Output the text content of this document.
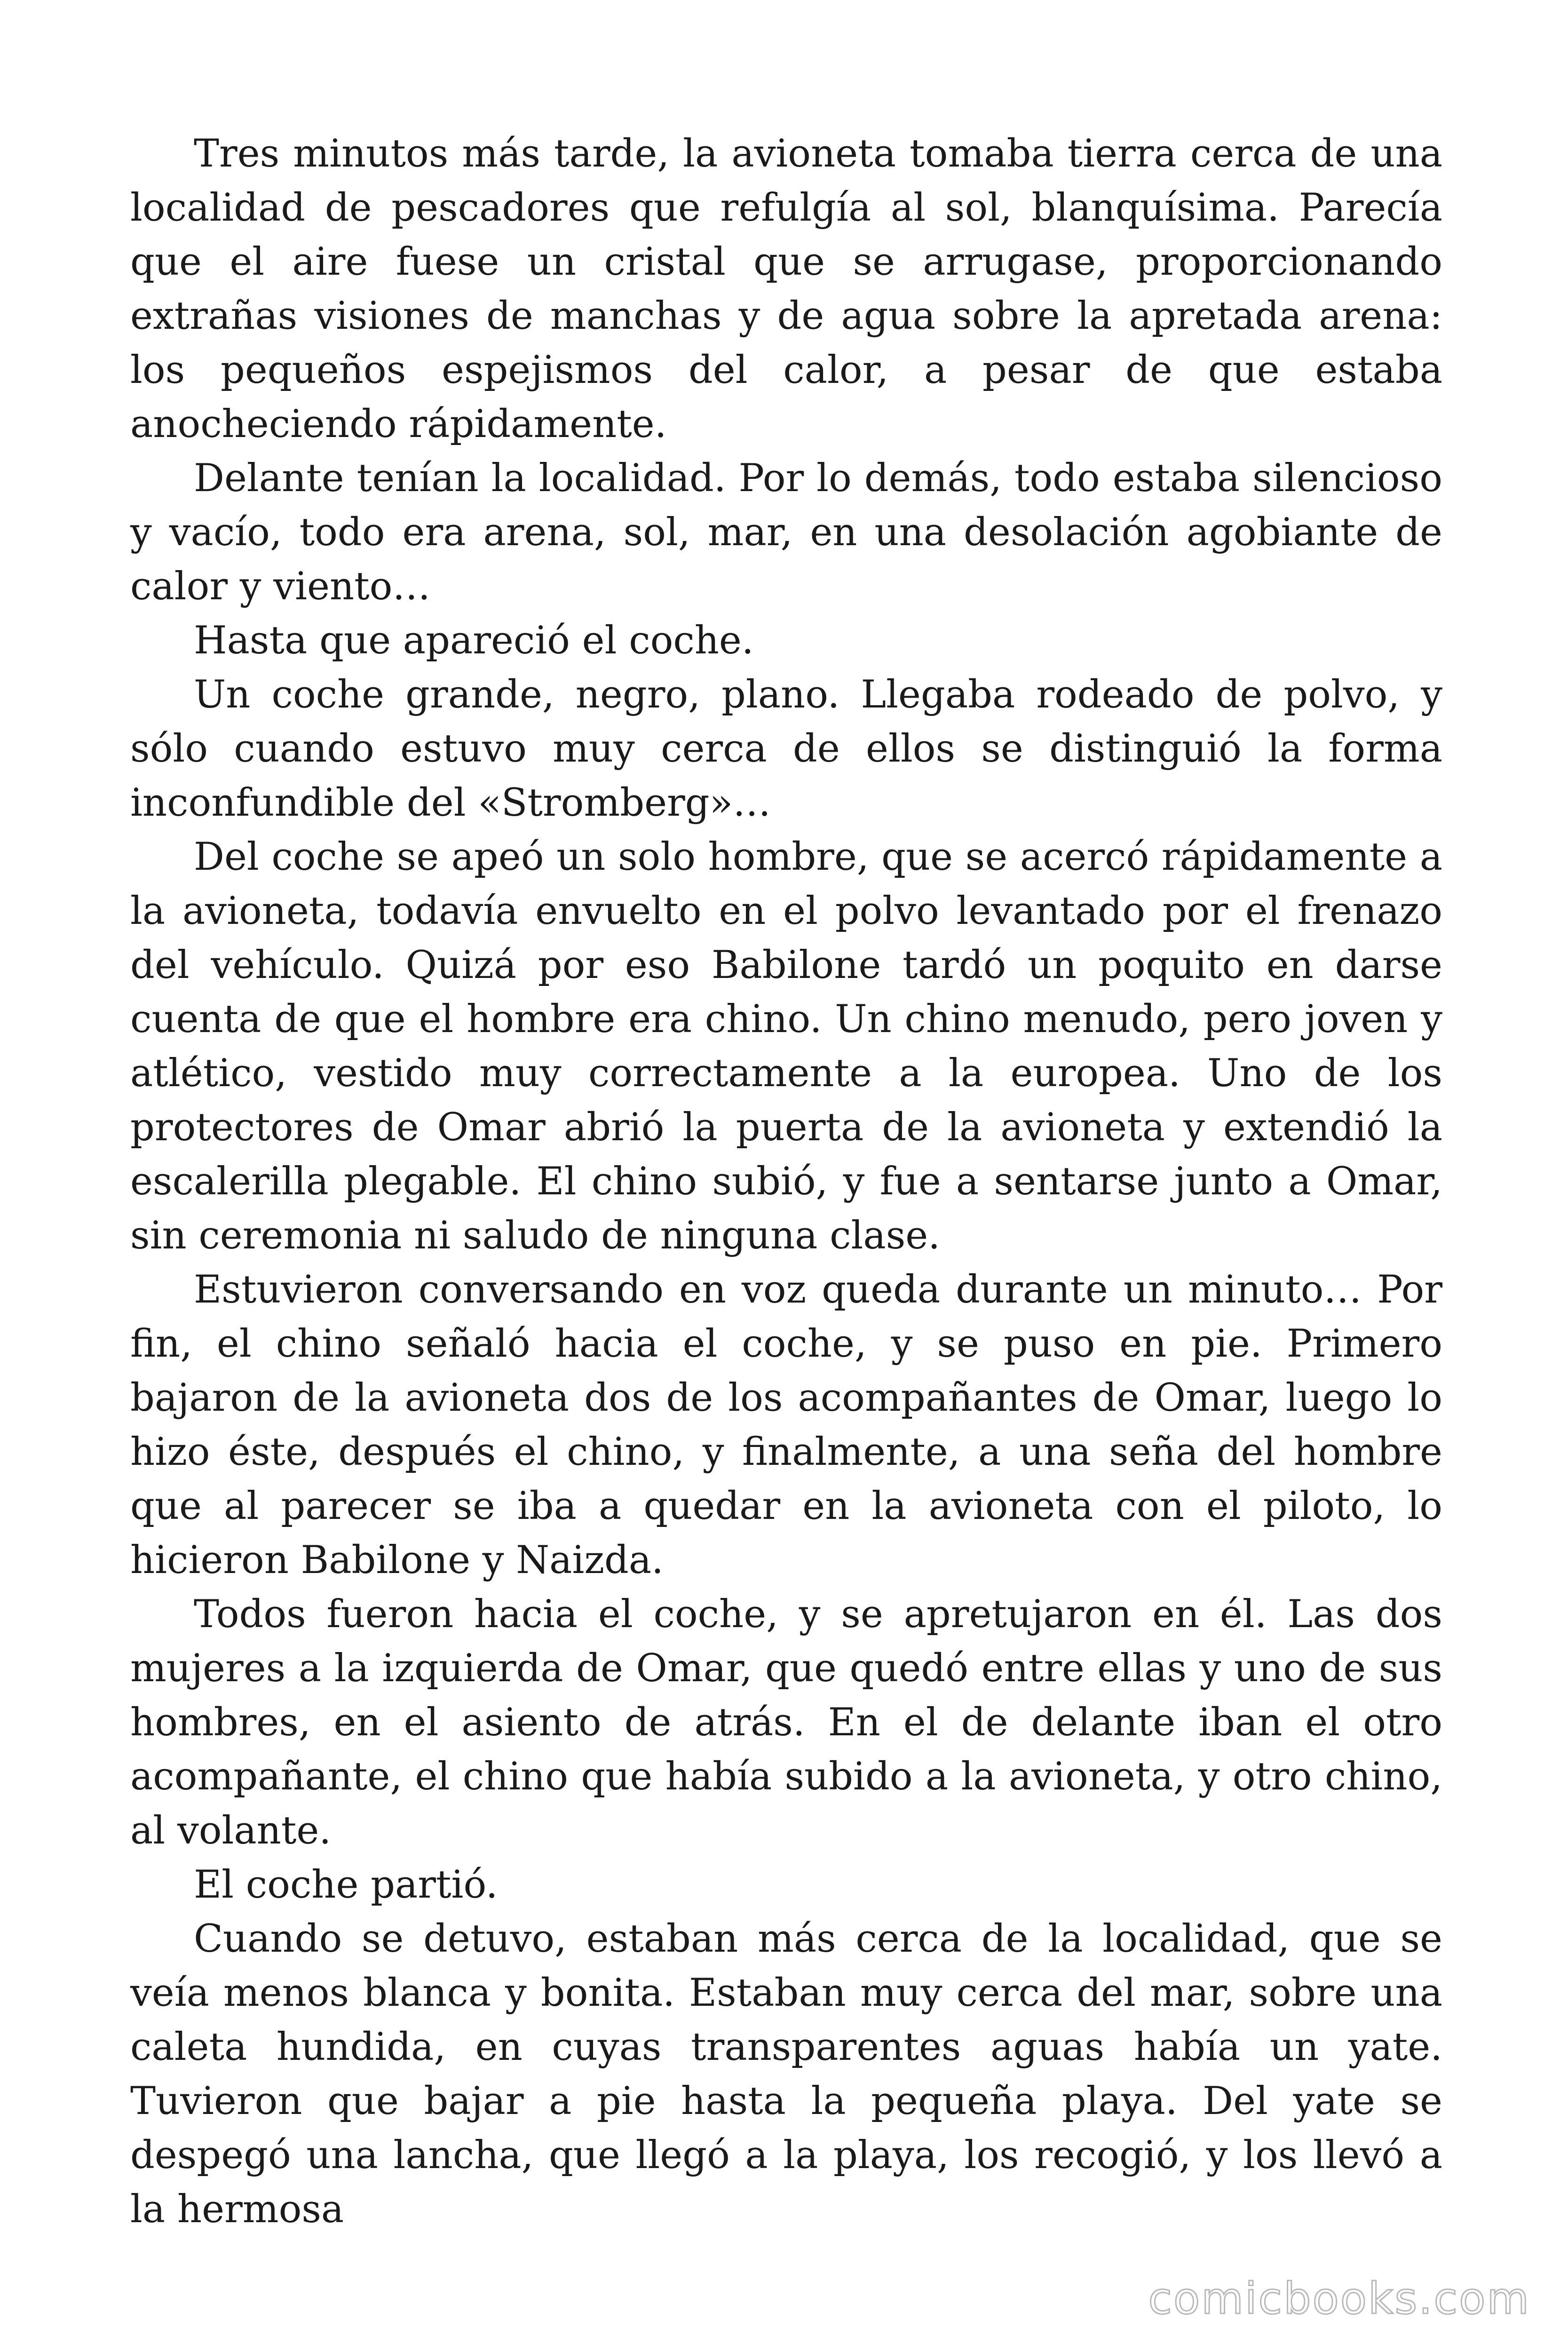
Tres minutos más tarde, la avioneta tomaba tierra cerca de una localidad de pescadores que refulgía al sol, blanquísima. Parecía que el aire fuese un cristal que se arrugase, proporcionando extrañas visiones de manchas y de agua sobre la apretada arena: los pequeños espejismos del calor, a pesar de que estaba anocheciendo rápidamente.

Delante tenían la localidad. Por lo demás, todo estaba silencioso y vacío, todo era arena, sol, mar, en una desolación agobiante de calor y viento…

Hasta que apareció el coche.

Un coche grande, negro, plano. Llegaba rodeado de polvo, y sólo cuando estuvo muy cerca de ellos se distinguió la forma inconfundible del «Stromberg»…

Del coche se apeó un solo hombre, que se acercó rápidamente a la avioneta, todavía envuelto en el polvo levantado por el frenazo del vehículo. Quizá por eso Babilone tardó un poquito en darse cuenta de que el hombre era chino. Un chino menudo, pero joven y atlético, vestido muy correctamente a la europea. Uno de los protectores de Omar abrió la puerta de la avioneta y extendió la escalerilla plegable. El chino subió, y fue a sentarse junto a Omar, sin ceremonia ni saludo de ninguna clase.

Estuvieron conversando en voz queda durante un minuto… Por fin, el chino señaló hacia el coche, y se puso en pie. Primero bajaron de la avioneta dos de los acompañantes de Omar, luego lo hizo éste, después el chino, y finalmente, a una seña del hombre que al parecer se iba a quedar en la avioneta con el piloto, lo hicieron Babilone y Naizda.

Todos fueron hacia el coche, y se apretujaron en él. Las dos mujeres a la izquierda de Omar, que quedó entre ellas y uno de sus hombres, en el asiento de atrás. En el de delante iban el otro acompañante, el chino que había subido a la avioneta, y otro chino, al volante.

El coche partió.

Cuando se detuvo, estaban más cerca de la localidad, que se veía menos blanca y bonita. Estaban muy cerca del mar, sobre una caleta hundida, en cuyas transparentes aguas había un yate. Tuvieron que bajar a pie hasta la pequeña playa. Del yate se despegó una lancha, que llegó a la playa, los recogió, y los llevó a la hermosa

comicbooks.com
